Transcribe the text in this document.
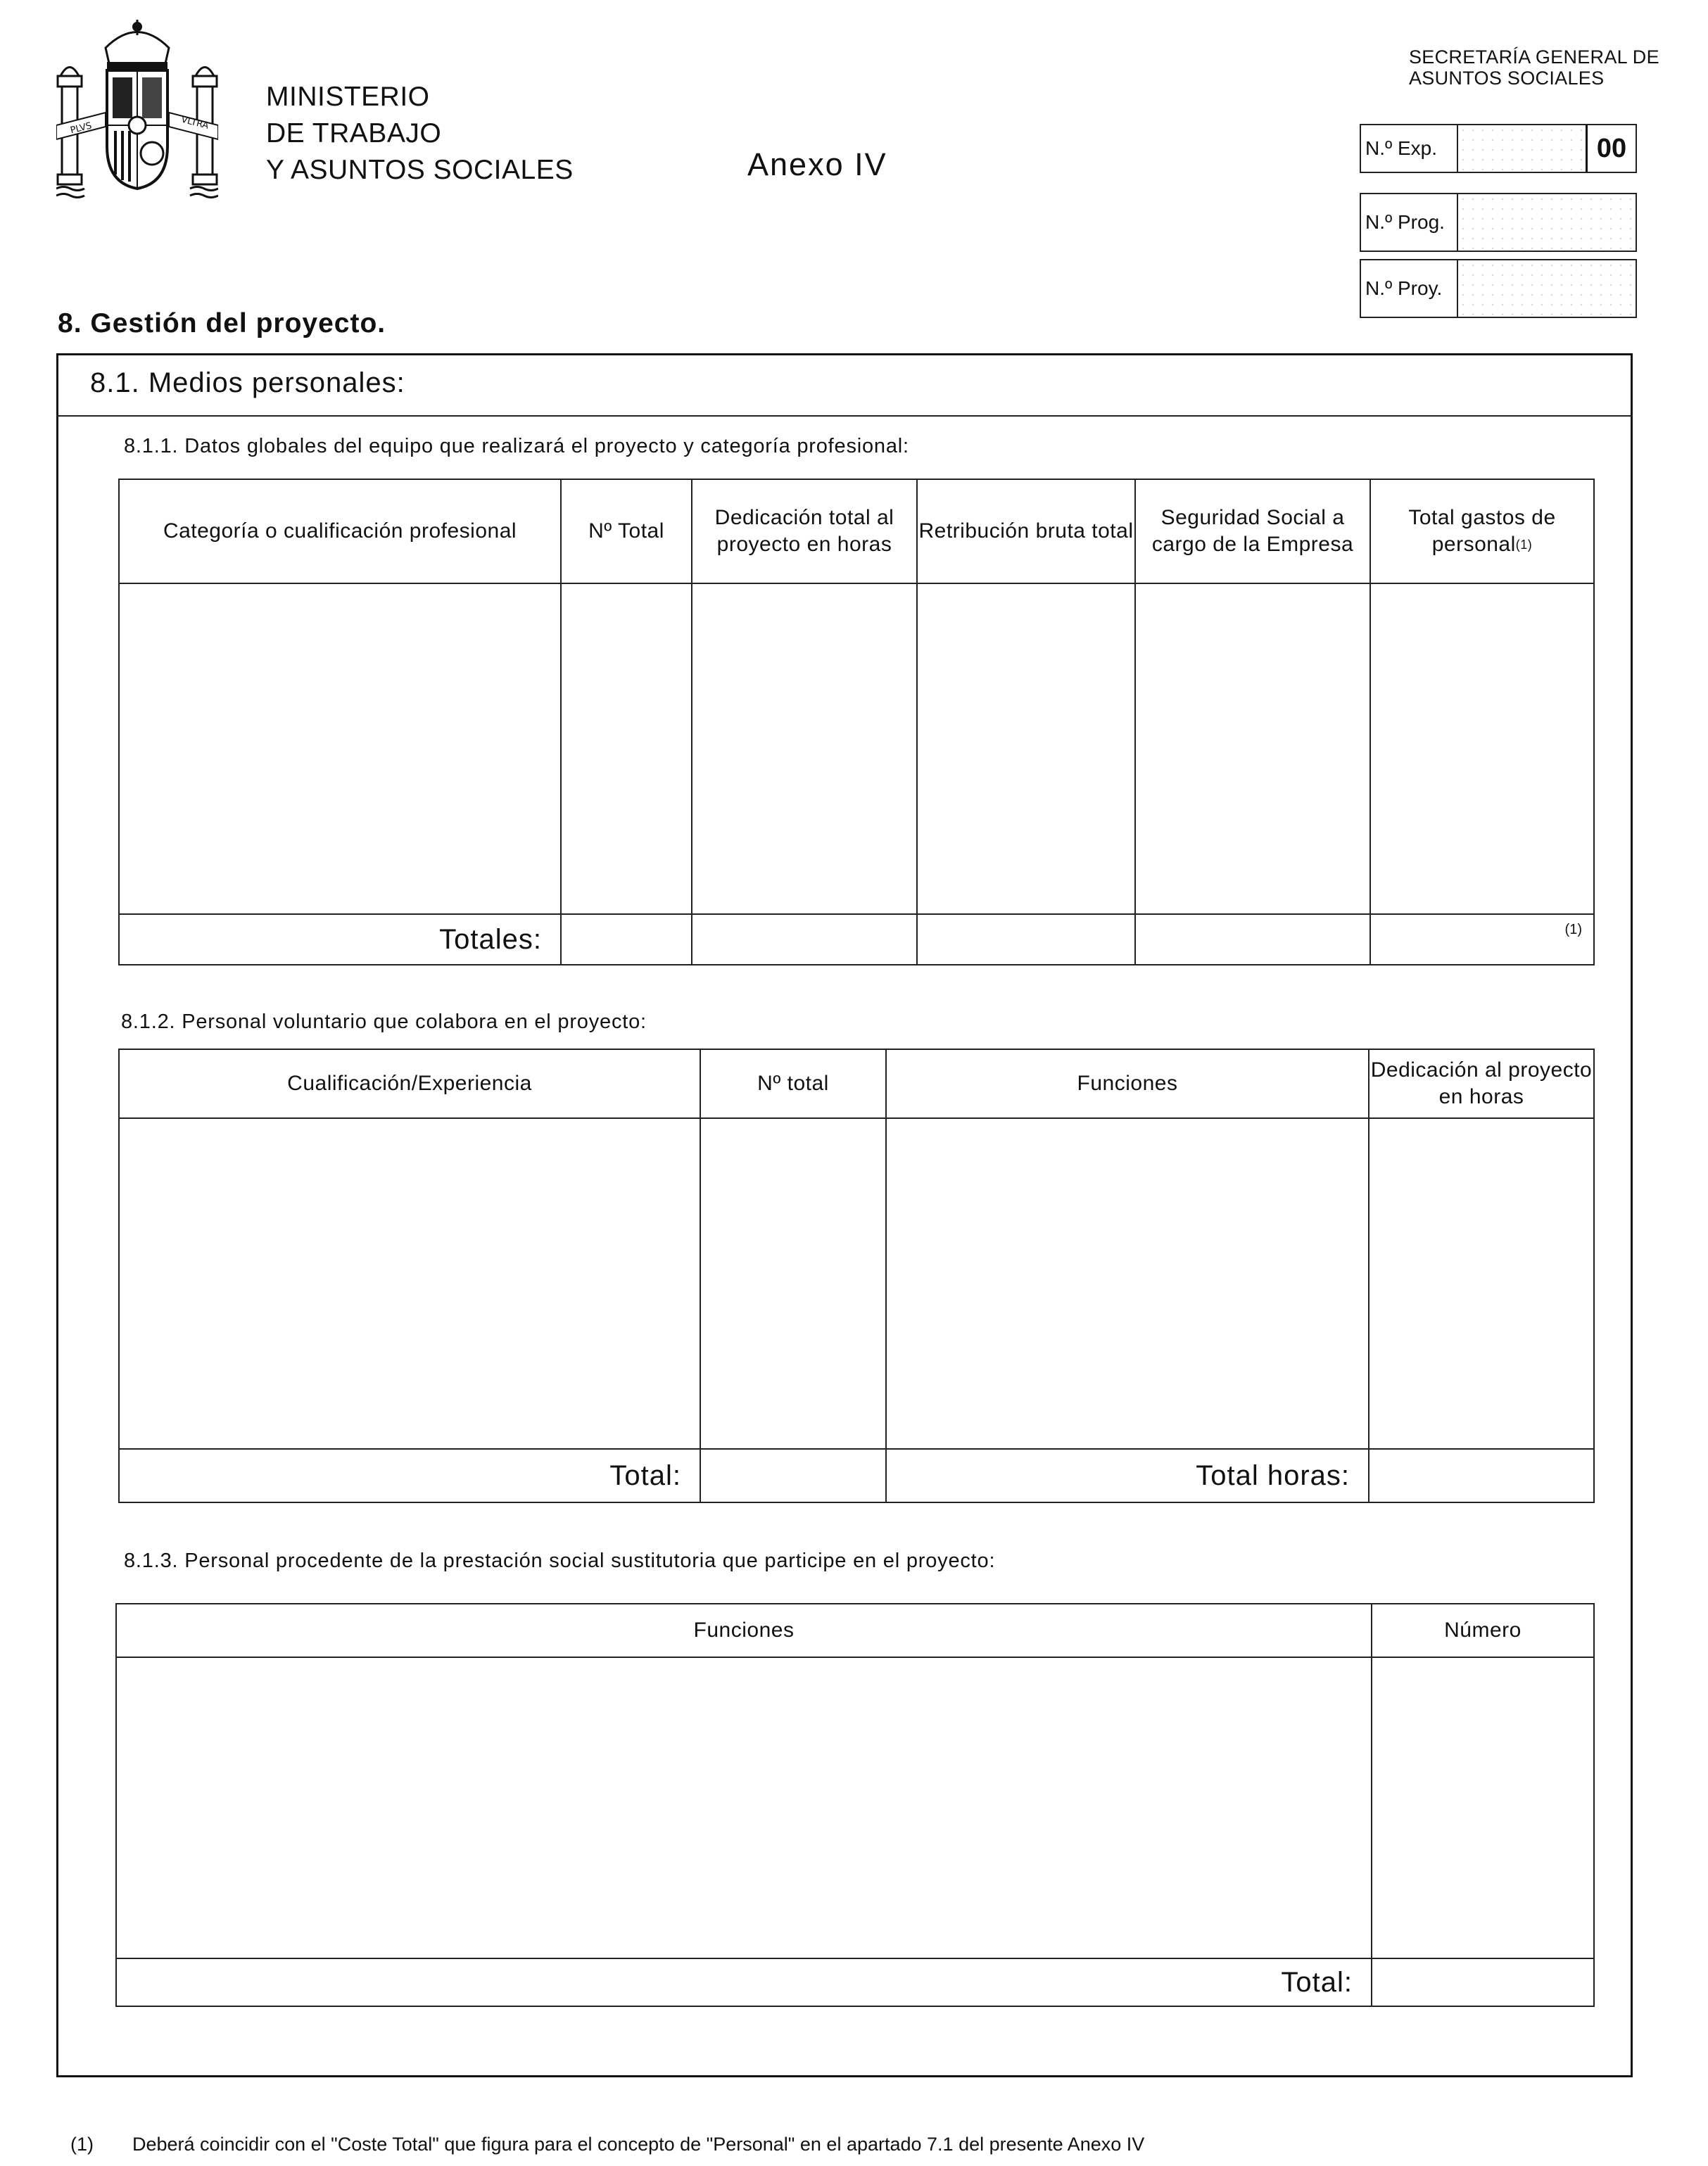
PLVS	VLTRA
MINISTERIO
DE TRABAJO
Y ASUNTOS SOCIALES	Anexo IV
SECRETARÍA GENERAL DE
ASUNTOS SOCIALES
N.º Exp.	00
N.º Prog.
N.º Proy.
8. Gestión del proyecto.
8.1. Medios personales:
8.1.1. Datos globales del equipo que realizará el proyecto y categoría profesional:
Categoría o cualificación profesional	Nº Total	Dedicación total al proyecto en horas	Retribución bruta total	Seguridad Social a cargo de la Empresa	Total gastos de personal$^{(1)}$

Totales:					(1)
8.1.2. Personal voluntario que colabora en el proyecto:
Cualificación/Experiencia	Nº total	Funciones	Dedicación al proyecto en horas

Total:		Total horas:	
8.1.3. Personal procedente de la prestación social sustitutoria que participe en el proyecto:
Funciones	Número

Total:	
(1) Deberá coincidir con el "Coste Total" que figura para el concepto de "Personal" en el apartado 7.1 del presente Anexo IV
